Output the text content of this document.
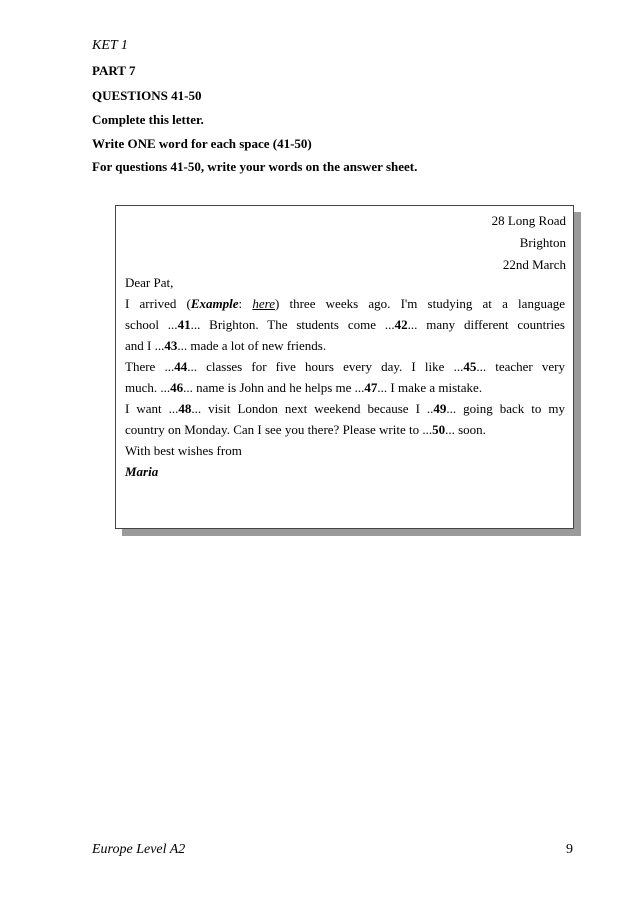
KET 1
PART 7
QUESTIONS 41-50
Complete this letter.
Write ONE word for each space (41-50)
For questions 41-50, write your words on the answer sheet.
28 Long Road
Brighton
22nd March

Dear Pat,

I arrived (Example: here) three weeks ago. I'm studying at a language

school ...41... Brighton. The students come ...42... many different countries

and I ...43... made a lot of new friends.

There ...44... classes for five hours every day. I like ...45... teacher very

much. ...46... name is John and he helps me ...47... I make a mistake.

I want ...48... visit London next weekend because I ..49... going back to my

country on Monday. Can I see you there? Please write to ...50... soon.

With best wishes from

Maria

Europe Level A2	9
